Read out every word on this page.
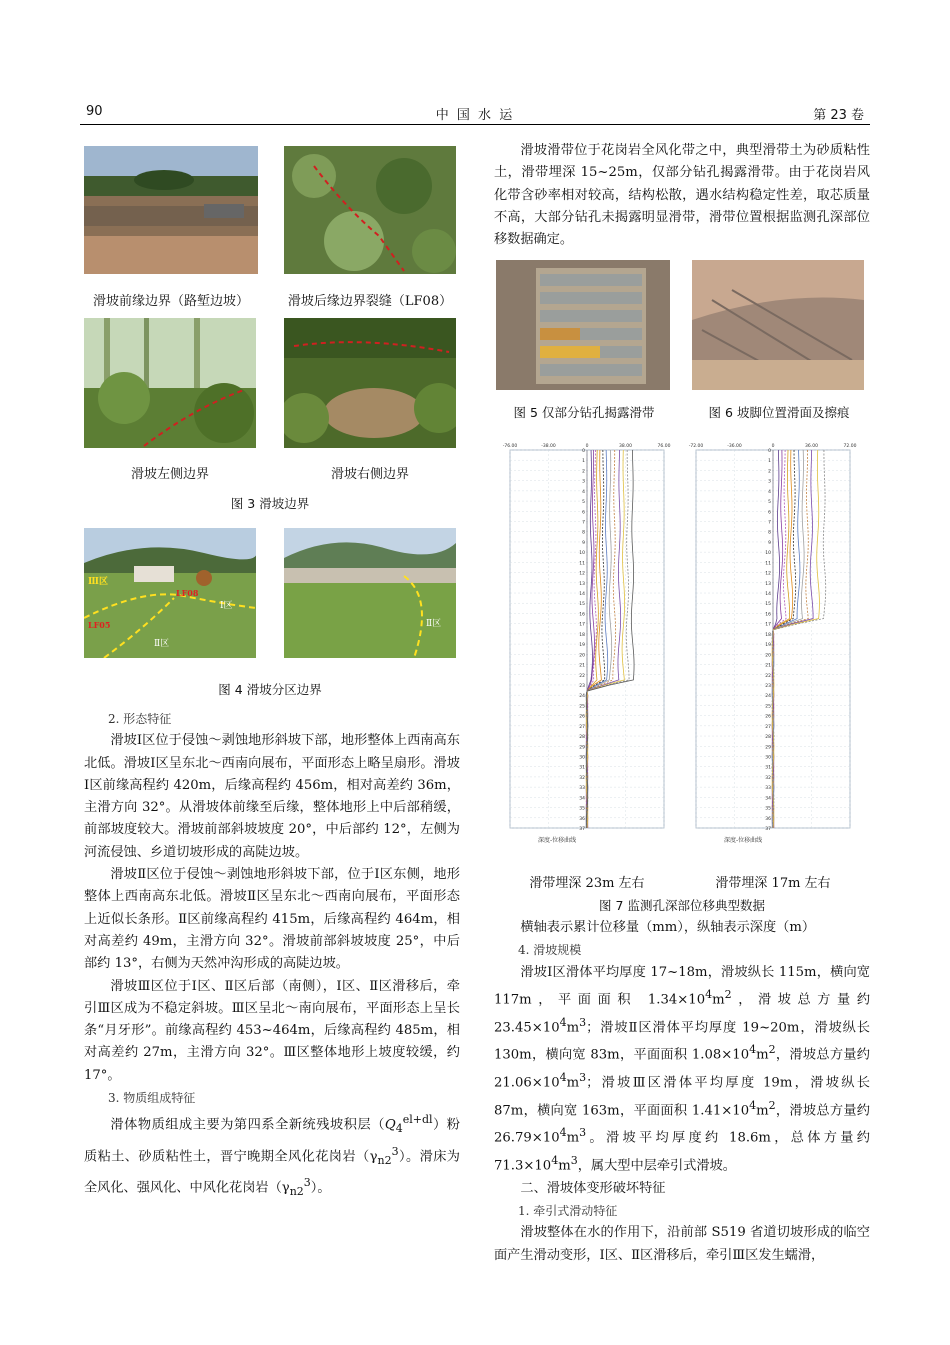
90	中 国 水 运	第 23 卷
滑坡前缘边界（路堑边坡）	滑坡后缘边界裂缝（LF08）
滑坡左侧边界	滑坡右侧边界
图 3 滑坡边界
Ⅲ区
LF08
Ⅰ区
LF05
Ⅱ区
Ⅱ区
图 4 滑坡分区边界

2. 形态特征

滑坡Ⅰ区位于侵蚀～剥蚀地形斜坡下部，地形整体上西南高东北低。滑坡Ⅰ区呈东北～西南向展布，平面形态上略呈扇形。滑坡Ⅰ区前缘高程约 420m，后缘高程约 456m，相对高差约 36m，主滑方向 32°。从滑坡体前缘至后缘，整体地形上中后部稍缓，前部坡度较大。滑坡前部斜坡坡度 20°，中后部约 12°，左侧为河流侵蚀、乡道切坡形成的高陡边坡。

滑坡Ⅱ区位于侵蚀～剥蚀地形斜坡下部，位于Ⅰ区东侧，地形整体上西南高东北低。滑坡Ⅱ区呈东北～西南向展布，平面形态上近似长条形。Ⅱ区前缘高程约 415m，后缘高程约 464m，相对高差约 49m，主滑方向 32°。滑坡前部斜坡坡度 25°，中后部约 13°，右侧为天然冲沟形成的高陡边坡。

滑坡Ⅲ区位于Ⅰ区、Ⅱ区后部（南侧），Ⅰ区、Ⅱ区滑移后，牵引Ⅲ区成为不稳定斜坡。Ⅲ区呈北～南向展布，平面形态上呈长条“月牙形”。前缘高程约 453~464m，后缘高程约 485m，相对高差约 27m，主滑方向 32°。Ⅲ区整体地形上坡度较缓，约 17°。

3. 物质组成特征

滑体物质组成主要为第四系全新统残坡积层$(Q_4^{el+dl})$粉质粘土、砂质粘性土，晋宁晚期全风化花岗岩$(\gamma_{n2}^3)$。滑床为全风化、强风化、中风化花岗岩$(\gamma_{n2}^3)$。

滑坡滑带位于花岗岩全风化带之中，典型滑带土为砂质粘性土，滑带埋深 15~25m，仅部分钻孔揭露滑带。由于花岗岩风化带含砂率相对较高，结构松散，遇水结构稳定性差，取芯质量不高，大部分钻孔未揭露明显滑带，滑带位置根据监测孔深部位移数据确定。

图 5 仅部分钻孔揭露滑带	图 6 坡脚位置滑面及擦痕
0
1
2
3
4
5
6
7
8
9
10
11
12
13
14
15
16
17
18
19
20
21
22
23
24
25
26
27
28
29
30
31
32
33
34
35
36
37
-76.00	-38.00	0	38.00	76.00
深度-位移曲线
0
1
2
3
4
5
6
7
8
9
10
11
12
13
14
15
16
17
18
19
20
21
22
23
24
25
26
27
28
29
30
31
32
33
34
35
36
37
-72.00	-36.00	0	36.00	72.00
深度-位移曲线
滑带埋深 23m 左右	滑带埋深 17m 左右
图 7 监测孔深部位移典型数据

横轴表示累计位移量（mm），纵轴表示深度（m）

4. 滑坡规模

滑坡Ⅰ区滑体平均厚度 17~18m，滑坡纵长 115m，横向宽 117m，平面面积 $1.34\times 10^4m^2$，滑坡总方量约 $23.45\times 10^4m^3$；滑坡Ⅱ区滑体平均厚度 19~20m，滑坡纵长 130m，横向宽 83m，平面面积 $1.08\times 10^4m^2$，滑坡总方量约 $21.06\times 10^4m^3$；滑坡Ⅲ区滑体平均厚度 19m，滑坡纵长 87m，横向宽 163m，平面面积 $1.41\times 10^4m^2$，滑坡总方量约 $26.79\times 10^4m^3$。滑坡平均厚度约 18.6m，总体方量约 $71.3\times 10^4m^3$，属大型中层牵引式滑坡。

二、滑坡体变形破坏特征

1. 牵引式滑动特征

滑坡整体在水的作用下，沿前部 S519 省道切坡形成的临空面产生滑动变形，Ⅰ区、Ⅱ区滑移后，牵引Ⅲ区发生蠕滑，
